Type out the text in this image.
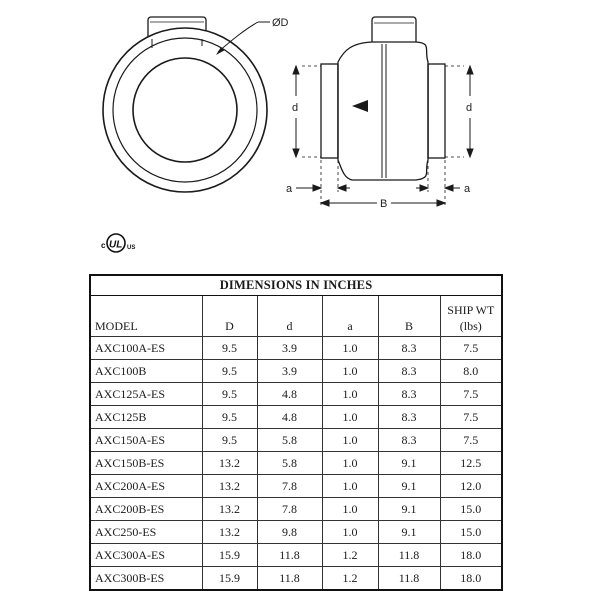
ØD
d	d
a	a
B
c UL US
DIMENSIONS IN INCHES					
MODEL	D	d	a	B	SHIP WT
(lbs)

AXC100A-ES	9.5	3.9	1.0	8.3	7.5
AXC100B	9.5	3.9	1.0	8.3	8.0
AXC125A-ES	9.5	4.8	1.0	8.3	7.5
AXC125B	9.5	4.8	1.0	8.3	7.5
AXC150A-ES	9.5	5.8	1.0	8.3	7.5
AXC150B-ES	13.2	5.8	1.0	9.1	12.5
AXC200A-ES	13.2	7.8	1.0	9.1	12.0
AXC200B-ES	13.2	7.8	1.0	9.1	15.0
AXC250-ES	13.2	9.8	1.0	9.1	15.0
AXC300A-ES	15.9	11.8	1.2	11.8	18.0
AXC300B-ES	15.9	11.8	1.2	11.8	18.0
